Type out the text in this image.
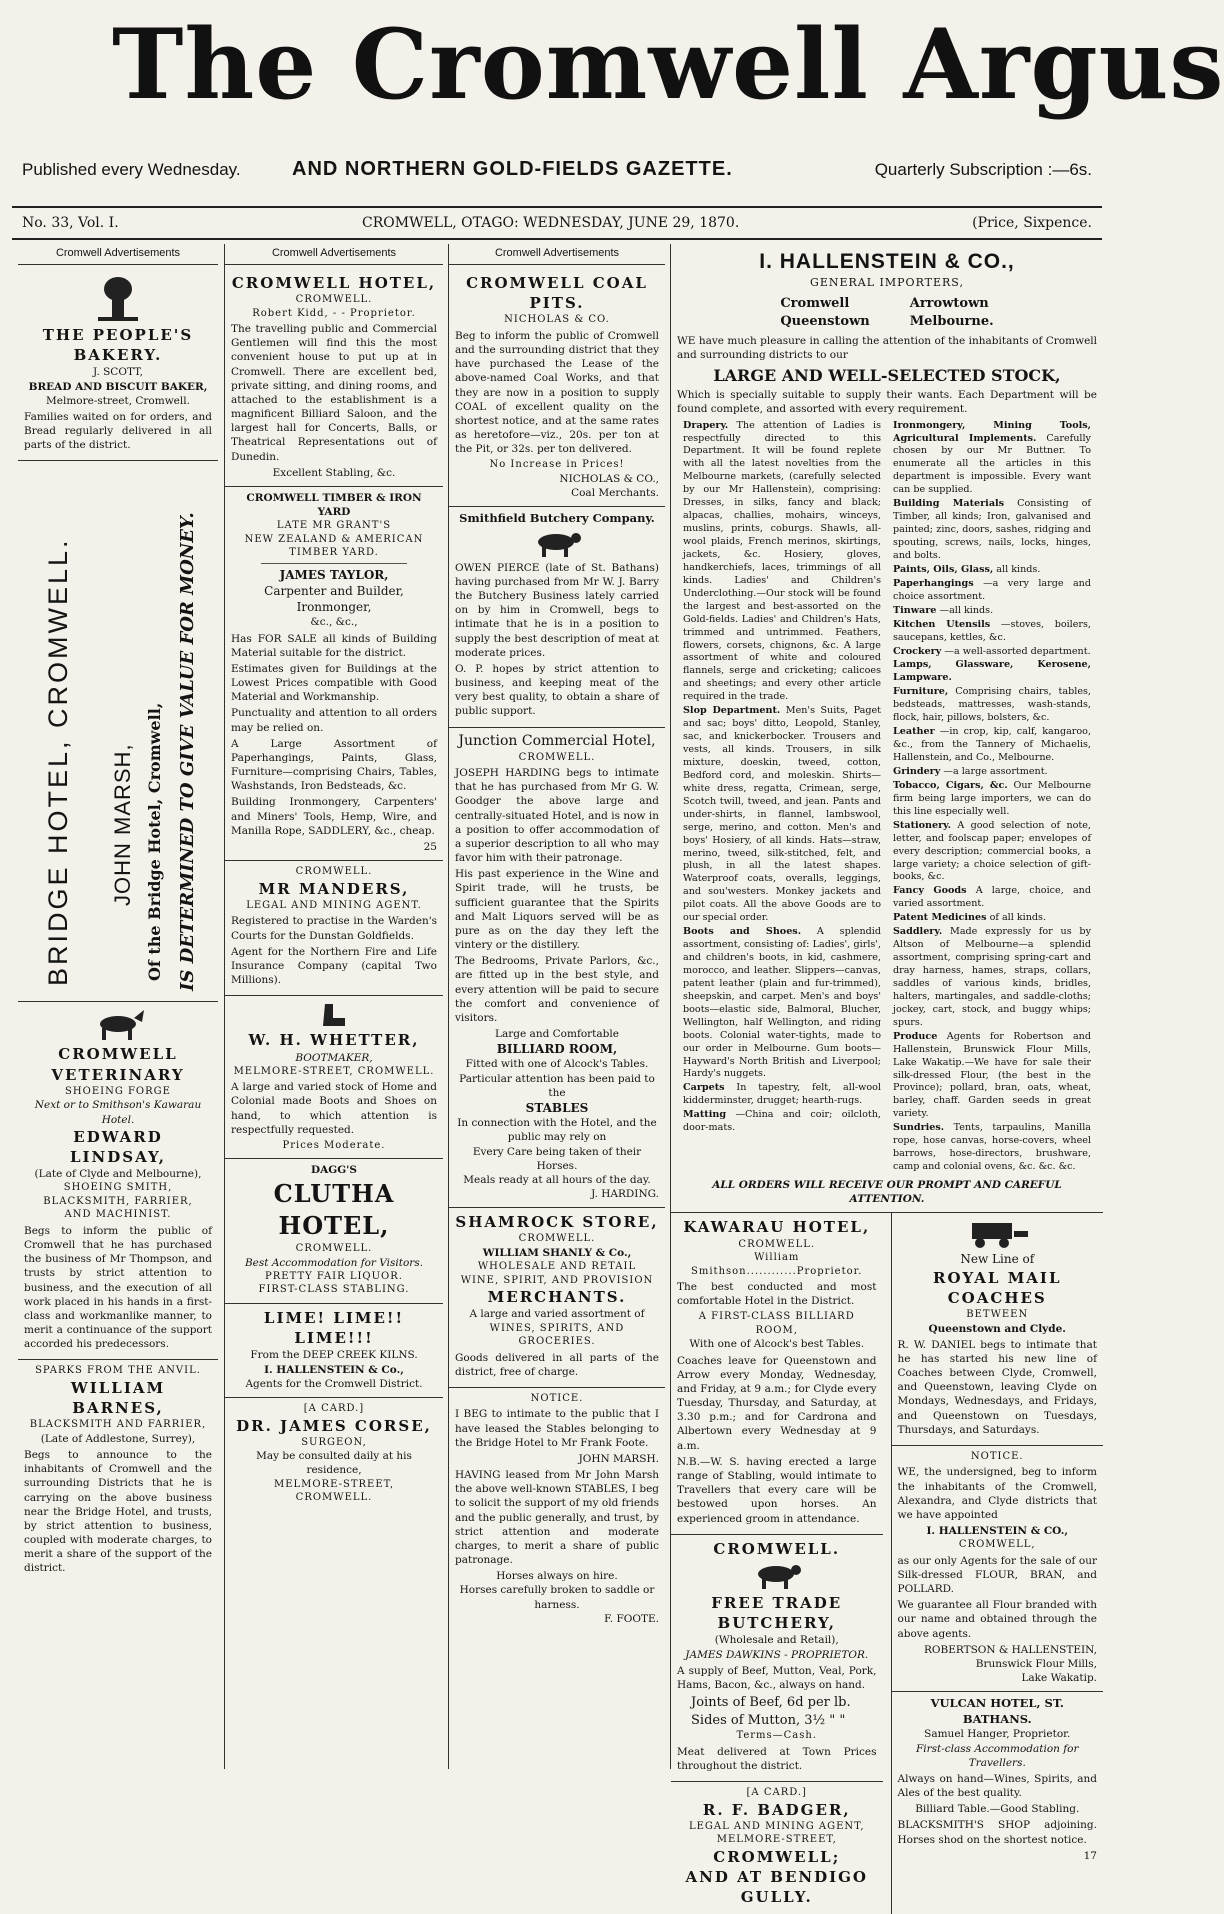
The Cromwell Argus
Published every Wednesday.	AND NORTHERN GOLD-FIELDS GAZETTE.	Quarterly Subscription :—6s.
No. 33, Vol. I.	CROMWELL, OTAGO: WEDNESDAY, JUNE 29, 1870.	(Price, Sixpence.
Cromwell Advertisements
THE PEOPLE'S BAKERY.
J. SCOTT,
BREAD AND BISCUIT BAKER,
Melmore-street, Cromwell.

Families waited on for orders, and Bread regularly delivered in all parts of the district.

BRIDGE HOTEL, CROMWELL. JOHN MARSH, Of the Bridge Hotel, Cromwell, IS DETERMINED TO GIVE VALUE FOR MONEY.
CROMWELL VETERINARY
SHOEING FORGE
Next or to Smithson's Kawarau Hotel.
EDWARD LINDSAY,
(Late of Clyde and Melbourne),
SHOEING SMITH, BLACKSMITH, FARRIER,
AND MACHINIST.

Begs to inform the public of Cromwell that he has purchased the business of Mr Thompson, and trusts by strict attention to business, and the execution of all work placed in his hands in a first-class and workmanlike manner, to merit a continuance of the support accorded his predecessors.

SPARKS FROM THE ANVIL.
WILLIAM BARNES,
BLACKSMITH AND FARRIER,
(Late of Addlestone, Surrey),

Begs to announce to the inhabitants of Cromwell and the surrounding Districts that he is carrying on the above business near the Bridge Hotel, and trusts, by strict attention to business, coupled with moderate charges, to merit a share of the support of the district.

Cromwell Advertisements
CROMWELL HOTEL,
CROMWELL.
Robert Kidd, - - Proprietor.

The travelling public and Commercial Gentlemen will find this the most convenient house to put up at in Cromwell. There are excellent bed, private sitting, and dining rooms, and attached to the establishment is a magnificent Billiard Saloon, and the largest hall for Concerts, Balls, or Theatrical Representations out of Dunedin.

Excellent Stabling, &c.
CROMWELL TIMBER & IRON YARD
LATE MR GRANT'S
NEW ZEALAND & AMERICAN TIMBER YARD.
JAMES TAYLOR,
Carpenter and Builder, Ironmonger,
&c., &c.,

Has FOR SALE all kinds of Building Material suitable for the district.

Estimates given for Buildings at the Lowest Prices compatible with Good Material and Workmanship.

Punctuality and attention to all orders may be relied on.

A Large Assortment of Paperhangings, Paints, Glass, Furniture—comprising Chairs, Tables, Washstands, Iron Bedsteads, &c.

Building Ironmongery, Carpenters' and Miners' Tools, Hemp, Wire, and Manilla Rope, SADDLERY, &c., cheap.

25
CROMWELL.
MR MANDERS,
LEGAL AND MINING AGENT.

Registered to practise in the Warden's Courts for the Dunstan Goldfields.

Agent for the Northern Fire and Life Insurance Company (capital Two Millions).

W. H. WHETTER,
BOOTMAKER,
MELMORE-STREET, CROMWELL.

A large and varied stock of Home and Colonial made Boots and Shoes on hand, to which attention is respectfully requested.

Prices Moderate.
DAGG'S
CLUTHA HOTEL,
CROMWELL.
Best Accommodation for Visitors.
PRETTY FAIR LIQUOR.
FIRST-CLASS STABLING.
LIME! LIME!! LIME!!!
From the DEEP CREEK KILNS.
I. HALLENSTEIN & Co.,
Agents for the Cromwell District.
[A CARD.]
DR. JAMES CORSE,
SURGEON,
May be consulted daily at his residence,
MELMORE-STREET,
CROMWELL.
Cromwell Advertisements
CROMWELL COAL PITS.
NICHOLAS & CO.

Beg to inform the public of Cromwell and the surrounding district that they have purchased the Lease of the above-named Coal Works, and that they are now in a position to supply COAL of excellent quality on the shortest notice, and at the same rates as heretofore—viz., 20s. per ton at the Pit, or 32s. per ton delivered.

No Increase in Prices!
NICHOLAS & CO.,
Coal Merchants.
Smithfield Butchery Company.

OWEN PIERCE (late of St. Bathans) having purchased from Mr W. J. Barry the Butchery Business lately carried on by him in Cromwell, begs to intimate that he is in a position to supply the best description of meat at moderate prices.

O. P. hopes by strict attention to business, and keeping meat of the very best quality, to obtain a share of public support.

Junction Commercial Hotel,
CROMWELL.

JOSEPH HARDING begs to intimate that he has purchased from Mr G. W. Goodger the above large and centrally-situated Hotel, and is now in a position to offer accommodation of a superior description to all who may favor him with their patronage.

His past experience in the Wine and Spirit trade, will he trusts, be sufficient guarantee that the Spirits and Malt Liquors served will be as pure as on the day they left the vintery or the distillery.

The Bedrooms, Private Parlors, &c., are fitted up in the best style, and every attention will be paid to secure the comfort and convenience of visitors.

Large and Comfortable
BILLIARD ROOM,
Fitted with one of Alcock's Tables.
Particular attention has been paid to the
STABLES
In connection with the Hotel, and the public may rely on
Every Care being taken of their Horses.
Meals ready at all hours of the day.
J. HARDING.
SHAMROCK STORE,
CROMWELL.
WILLIAM SHANLY & Co.,
WHOLESALE AND RETAIL
WINE, SPIRIT, AND PROVISION
MERCHANTS.
A large and varied assortment of
WINES, SPIRITS, AND GROCERIES.

Goods delivered in all parts of the district, free of charge.

NOTICE.

I BEG to intimate to the public that I have leased the Stables belonging to the Bridge Hotel to Mr Frank Foote.

JOHN MARSH.

HAVING leased from Mr John Marsh the above well-known STABLES, I beg to solicit the support of my old friends and the public generally, and trust, by strict attention and moderate charges, to merit a share of public patronage.

Horses always on hire.
Horses carefully broken to saddle or harness.
F. FOOTE.
I. HALLENSTEIN & CO.,
GENERAL IMPORTERS,
Cromwell
Queenstown
Arrowtown
Melbourne.

WE have much pleasure in calling the attention of the inhabitants of Cromwell and surrounding districts to our

LARGE AND WELL-SELECTED STOCK,

Which is specially suitable to supply their wants. Each Department will be found complete, and assorted with every requirement.

Drapery. The attention of Ladies is respectfully directed to this Department. It will be found replete with all the latest novelties from the Melbourne markets, (carefully selected by our Mr Hallenstein), comprising: Dresses, in silks, fancy and black; alpacas, challies, mohairs, winceys, muslins, prints, coburgs. Shawls, all-wool plaids, French merinos, skirtings, jackets, &c. Hosiery, gloves, handkerchiefs, laces, trimmings of all kinds. Ladies' and Children's Underclothing.—Our stock will be found the largest and best-assorted on the Gold-fields. Ladies' and Children's Hats, trimmed and untrimmed. Feathers, flowers, corsets, chignons, &c. A large assortment of white and coloured flannels, serge and cricketing; calicoes and sheetings; and every other article required in the trade.

Slop Department. Men's Suits, Paget and sac; boys' ditto, Leopold, Stanley, sac, and knickerbocker. Trousers and vests, all kinds. Trousers, in silk mixture, doeskin, tweed, cotton, Bedford cord, and moleskin. Shirts—white dress, regatta, Crimean, serge, Scotch twill, tweed, and jean. Pants and under-shirts, in flannel, lambswool, serge, merino, and cotton. Men's and boys' Hosiery, of all kinds. Hats—straw, merino, tweed, silk-stitched, felt, and plush, in all the latest shapes. Waterproof coats, overalls, leggings, and sou'westers. Monkey jackets and pilot coats. All the above Goods are to our special order.

Boots and Shoes. A splendid assortment, consisting of: Ladies', girls', and children's boots, in kid, cashmere, morocco, and leather. Slippers—canvas, patent leather (plain and fur-trimmed), sheepskin, and carpet. Men's and boys' boots—elastic side, Balmoral, Blucher, Wellington, half Wellington, and riding boots. Colonial water-tights, made to our order in Melbourne. Gum boots—Hayward's North British and Liverpool; Hardy's nuggets.

Carpets In tapestry, felt, all-wool kidderminster, drugget; hearth-rugs.

Matting —China and coir; oilcloth, door-mats.

Ironmongery, Mining Tools, Agricultural Implements. Carefully chosen by our Mr Buttner. To enumerate all the articles in this department is impossible. Every want can be supplied.

Building Materials Consisting of Timber, all kinds; Iron, galvanised and painted; zinc, doors, sashes, ridging and spouting, screws, nails, locks, hinges, and bolts.

Paints, Oils, Glass, all kinds.

Paperhangings —a very large and choice assortment.

Tinware —all kinds.

Kitchen Utensils —stoves, boilers, saucepans, kettles, &c.

Crockery —a well-assorted department.

Lamps, Glassware, Kerosene, Lampware.

Furniture, Comprising chairs, tables, bedsteads, mattresses, wash-stands, flock, hair, pillows, bolsters, &c.

Leather —in crop, kip, calf, kangaroo, &c., from the Tannery of Michaelis, Hallenstein, and Co., Melbourne.

Grindery —a large assortment.

Tobacco, Cigars, &c. Our Melbourne firm being large importers, we can do this line especially well.

Stationery. A good selection of note, letter, and foolscap paper; envelopes of every description; commercial books, a large variety; a choice selection of gift-books, &c.

Fancy Goods A large, choice, and varied assortment.

Patent Medicines of all kinds.

Saddlery. Made expressly for us by Altson of Melbourne—a splendid assortment, comprising spring-cart and dray harness, hames, straps, collars, saddles of various kinds, bridles, halters, martingales, and saddle-cloths; jockey, cart, stock, and buggy whips; spurs.

Produce Agents for Robertson and Hallenstein, Brunswick Flour Mills, Lake Wakatip.—We have for sale their silk-dressed Flour, (the best in the Province); pollard, bran, oats, wheat, barley, chaff. Garden seeds in great variety.

Sundries. Tents, tarpaulins, Manilla rope, hose canvas, horse-covers, wheel barrows, hose-directors, brushware, camp and colonial ovens, &c. &c. &c.

ALL ORDERS WILL RECEIVE OUR PROMPT AND CAREFUL ATTENTION.
KAWARAU HOTEL,
CROMWELL.
William Smithson............Proprietor.

The best conducted and most comfortable Hotel in the District.

A FIRST-CLASS BILLIARD ROOM,
With one of Alcock's best Tables.

Coaches leave for Queenstown and Arrow every Monday, Wednesday, and Friday, at 9 a.m.; for Clyde every Tuesday, Thursday, and Saturday, at 3.30 p.m.; and for Cardrona and Albertown every Wednesday at 9 a.m.

N.B.—W. S. having erected a large range of Stabling, would intimate to Travellers that every care will be bestowed upon horses. An experienced groom in attendance.

CROMWELL.
FREE TRADE BUTCHERY,
(Wholesale and Retail),
JAMES DAWKINS - PROPRIETOR.

A supply of Beef, Mutton, Veal, Pork, Hams, Bacon, &c., always on hand.

Joints of Beef, 6d per lb.
Sides of Mutton, 3½ " "
Terms—Cash.

Meat delivered at Town Prices throughout the district.

[A CARD.]
R. F. BADGER,
LEGAL AND MINING AGENT,
MELMORE-STREET,
CROMWELL;
AND AT BENDIGO GULLY.
New Line of
ROYAL MAIL COACHES
BETWEEN
Queenstown and Clyde.

R. W. DANIEL begs to intimate that he has started his new line of Coaches between Clyde, Cromwell, and Queenstown, leaving Clyde on Mondays, Wednesdays, and Fridays, and Queenstown on Tuesdays, Thursdays, and Saturdays.

NOTICE.

WE, the undersigned, beg to inform the inhabitants of the Cromwell, Alexandra, and Clyde districts that we have appointed

I. HALLENSTEIN & CO.,
CROMWELL,

as our only Agents for the sale of our Silk-dressed FLOUR, BRAN, and POLLARD.

We guarantee all Flour branded with our name and obtained through the above agents.

ROBERTSON & HALLENSTEIN,
Brunswick Flour Mills,
Lake Wakatip.
VULCAN HOTEL, ST. BATHANS.
Samuel Hanger, Proprietor.
First-class Accommodation for Travellers.

Always on hand—Wines, Spirits, and Ales of the best quality.

Billiard Table.—Good Stabling.

BLACKSMITH'S SHOP adjoining. Horses shod on the shortest notice.

17
